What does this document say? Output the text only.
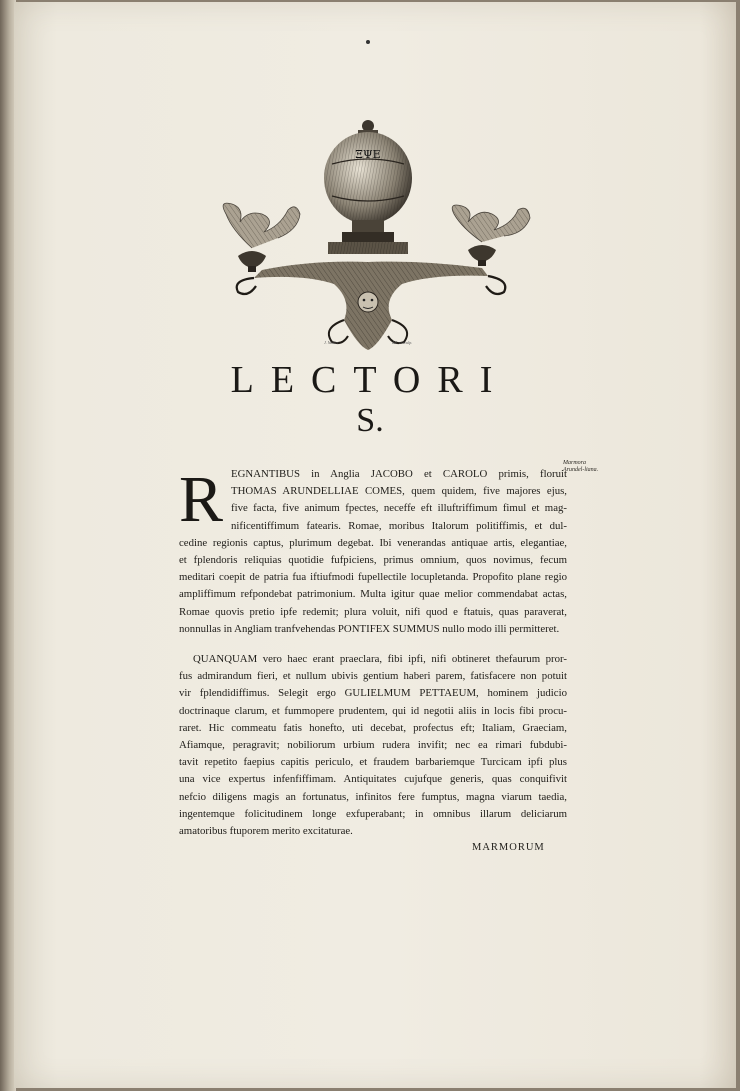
ΞΨΕ
J. Müller	del. et sculp.
LECTORI
S.
Marmora Arundel-liana.
R EGNANTIBUS in Anglia JACOBO et CAROLO primis, floruit
THOMAS ARUNDELLIAE COMES, quem quidem, five majores ejus,
five facta, five animum fpectes, neceffe eft illuftriffimum fimul et mag-
nificentiffimum fatearis. Romae, moribus Italorum politiffimis, et dul-
cedine regionis captus, plurimum degebat. Ibi venerandas antiquae artis, elegantiae,
et fplendoris reliquias quotidie fufpiciens, primus omnium, quos novimus, fecum
meditari coepit de patria fua iftiufmodi fupellectile locupletanda. Propofito plane regio
ampliffimum refpondebat patrimonium. Multa igitur quae melior commendabat actas,
Romae quovis pretio ipfe redemit; plura voluit, nifi quod e ftatuis, quas paraverat,
nonnullas in Angliam tranfvehendas PONTIFEX SUMMUS nullo modo illi permitteret.
QUANQUAM vero haec erant praeclara, fibi ipfi, nifi obtineret thefaurum pror-
fus admirandum fieri, et nullum ubivis gentium haberi parem, fatisfacere non potuit
vir fplendidiffimus. Selegit ergo GULIELMUM PETTAEUM, hominem judicio
doctrinaque clarum, et fummopere prudentem, qui id negotii aliis in locis fibi procu-
raret. Hic commeatu fatis honefto, uti decebat, profectus eft; Italiam, Graeciam,
Afiamque, peragravit; nobiliorum urbium rudera invifit; nec ea rimari fubdubi-
tavit repetito faepius capitis periculo, et fraudem barbariemque Turcicam ipfi plus
una vice expertus infenfiffimam. Antiquitates cujufque generis, quas conquifivit
nefcio diligens magis an fortunatus, infinitos fere fumptus, magna viarum taedia,
ingentemque folicitudinem longe exfuperabant; in omnibus illarum deliciarum
amatoribus ftuporem merito excitaturae.
MARMORUM
